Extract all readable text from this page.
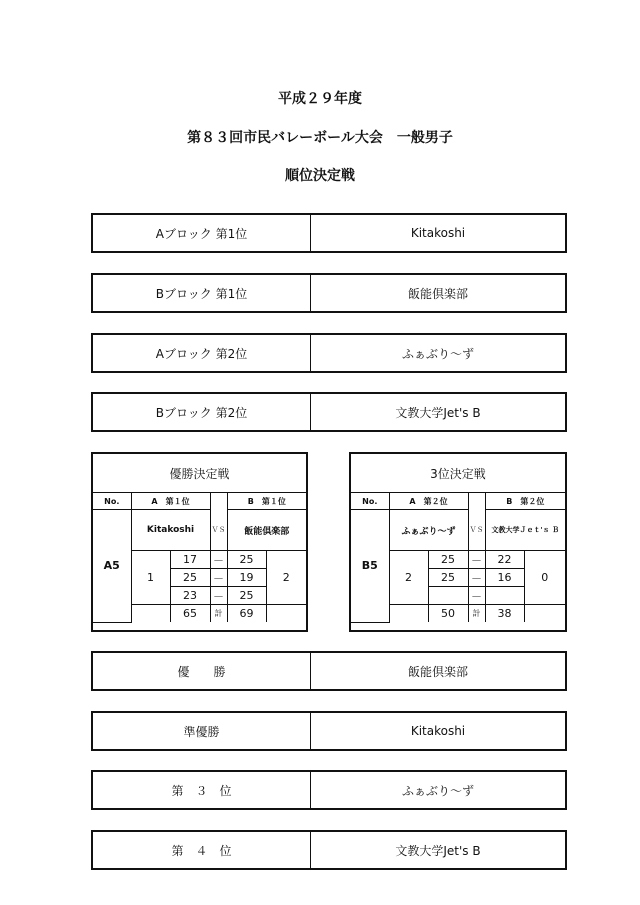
平成２９年度
第８３回市民バレーボール大会　一般男子
順位決定戦
Aブロック 第1位	Kitakoshi
Bブロック 第1位	飯能倶楽部
Aブロック 第2位	ふぁぶり〜ず
Bブロック 第2位	文教大学Jet's B
優勝決定戦
No.	A　第１位			B　第１位	
A5	Kitakoshi		ＶＳ	飯能倶楽部	
	1	17	－	25	2
		25	－	19	
		23	－	25	
		65	計	69	
3位決定戦
No.	A　第２位			B　第２位	
B5	ふぁぶり〜ず		ＶＳ	文教大学Ｊｅｔ'ｓ Ｂ	
	2	25	－	22	0
		25	－	16	
			－		
		50	計	38	
優　　勝	飯能倶楽部
準優勝	Kitakoshi
第　３　位	ふぁぶり〜ず
第　４　位	文教大学Jet's B
